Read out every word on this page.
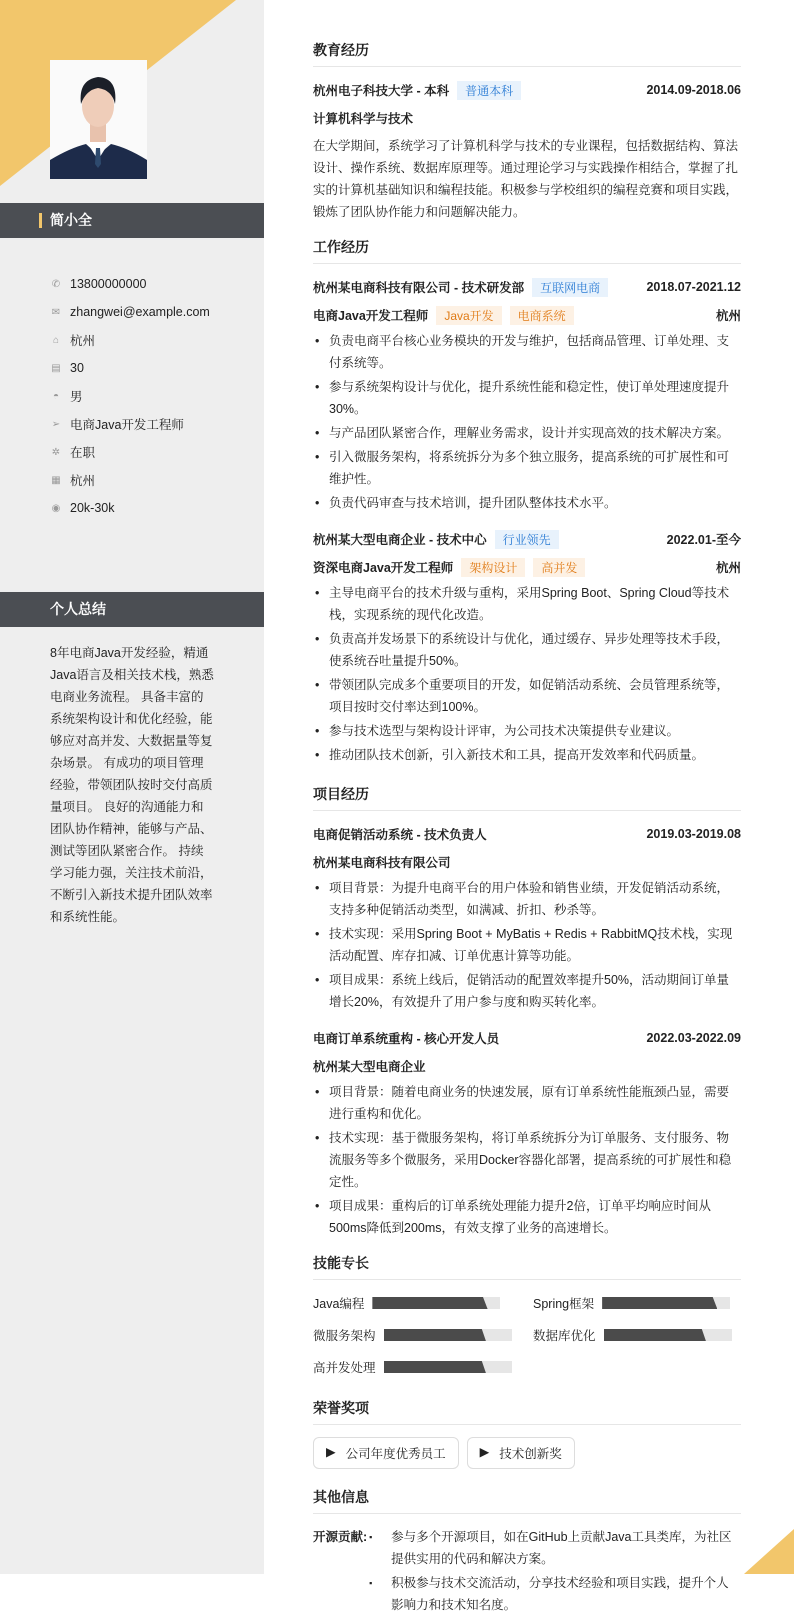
简小全
✆ 13800000000
✉ zhangwei@example.com
⌂ 杭州
▤ 30
◓ 男
➢ 电商Java开发工程师
✲ 在职
▦ 杭州
◉ 20k-30k
个人总结
8年电商Java开发经验，精通Java语言及相关技术栈，熟悉电商业务流程。 具备丰富的系统架构设计和优化经验，能够应对高并发、大数据量等复杂场景。 有成功的项目管理经验，带领团队按时交付高质量项目。 良好的沟通能力和团队协作精神，能够与产品、测试等团队紧密合作。 持续学习能力强，关注技术前沿，不断引入新技术提升团队效率和系统性能。
教育经历
杭州电子科技大学 - 本科	普通本科	2014.09-2018.06
计算机科学与技术
在大学期间，系统学习了计算机科学与技术的专业课程，包括数据结构、算法设计、操作系统、数据库原理等。通过理论学习与实践操作相结合，掌握了扎实的计算机基础知识和编程技能。积极参与学校组织的编程竞赛和项目实践，锻炼了团队协作能力和问题解决能力。
工作经历
杭州某电商科技有限公司 - 技术研发部	互联网电商	2018.07-2021.12
电商Java开发工程师	Java开发	电商系统	杭州
• 负责电商平台核心业务模块的开发与维护，包括商品管理、订单处理、支付系统等。
• 参与系统架构设计与优化，提升系统性能和稳定性，使订单处理速度提升30%。
• 与产品团队紧密合作，理解业务需求，设计并实现高效的技术解决方案。
• 引入微服务架构，将系统拆分为多个独立服务，提高系统的可扩展性和可维护性。
• 负责代码审查与技术培训，提升团队整体技术水平。
杭州某大型电商企业 - 技术中心	行业领先	2022.01-至今
资深电商Java开发工程师	架构设计	高并发	杭州
• 主导电商平台的技术升级与重构，采用Spring Boot、Spring Cloud等技术栈，实现系统的现代化改造。
• 负责高并发场景下的系统设计与优化，通过缓存、异步处理等技术手段，使系统吞吐量提升50%。
• 带领团队完成多个重要项目的开发，如促销活动系统、会员管理系统等，项目按时交付率达到100%。
• 参与技术选型与架构设计评审，为公司技术决策提供专业建议。
• 推动团队技术创新，引入新技术和工具，提高开发效率和代码质量。
项目经历
电商促销活动系统 - 技术负责人	2019.03-2019.08
杭州某电商科技有限公司
• 项目背景：为提升电商平台的用户体验和销售业绩，开发促销活动系统，支持多种促销活动类型，如满减、折扣、秒杀等。
• 技术实现：采用Spring Boot + MyBatis + Redis + RabbitMQ技术栈，实现活动配置、库存扣减、订单优惠计算等功能。
• 项目成果：系统上线后，促销活动的配置效率提升50%，活动期间订单量增长20%，有效提升了用户参与度和购买转化率。
电商订单系统重构 - 核心开发人员	2022.03-2022.09
杭州某大型电商企业
• 项目背景：随着电商业务的快速发展，原有订单系统性能瓶颈凸显，需要进行重构和优化。
• 技术实现：基于微服务架构，将订单系统拆分为订单服务、支付服务、物流服务等多个微服务，采用Docker容器化部署，提高系统的可扩展性和稳定性。
• 项目成果：重构后的订单系统处理能力提升2倍，订单平均响应时间从500ms降低到200ms，有效支撑了业务的高速增长。
技能专长
Java编程	Spring框架
微服务架构	数据库优化
高并发处理
荣誉奖项
▶ 公司年度优秀员工	▶ 技术创新奖
其他信息
开源贡献:	▪ 参与多个开源项目，如在GitHub上贡献Java工具类库，为社区提供实用的代码和解决方案。
▪ 积极参与技术交流活动，分享技术经验和项目实践，提升个人影响力和技术知名度。
